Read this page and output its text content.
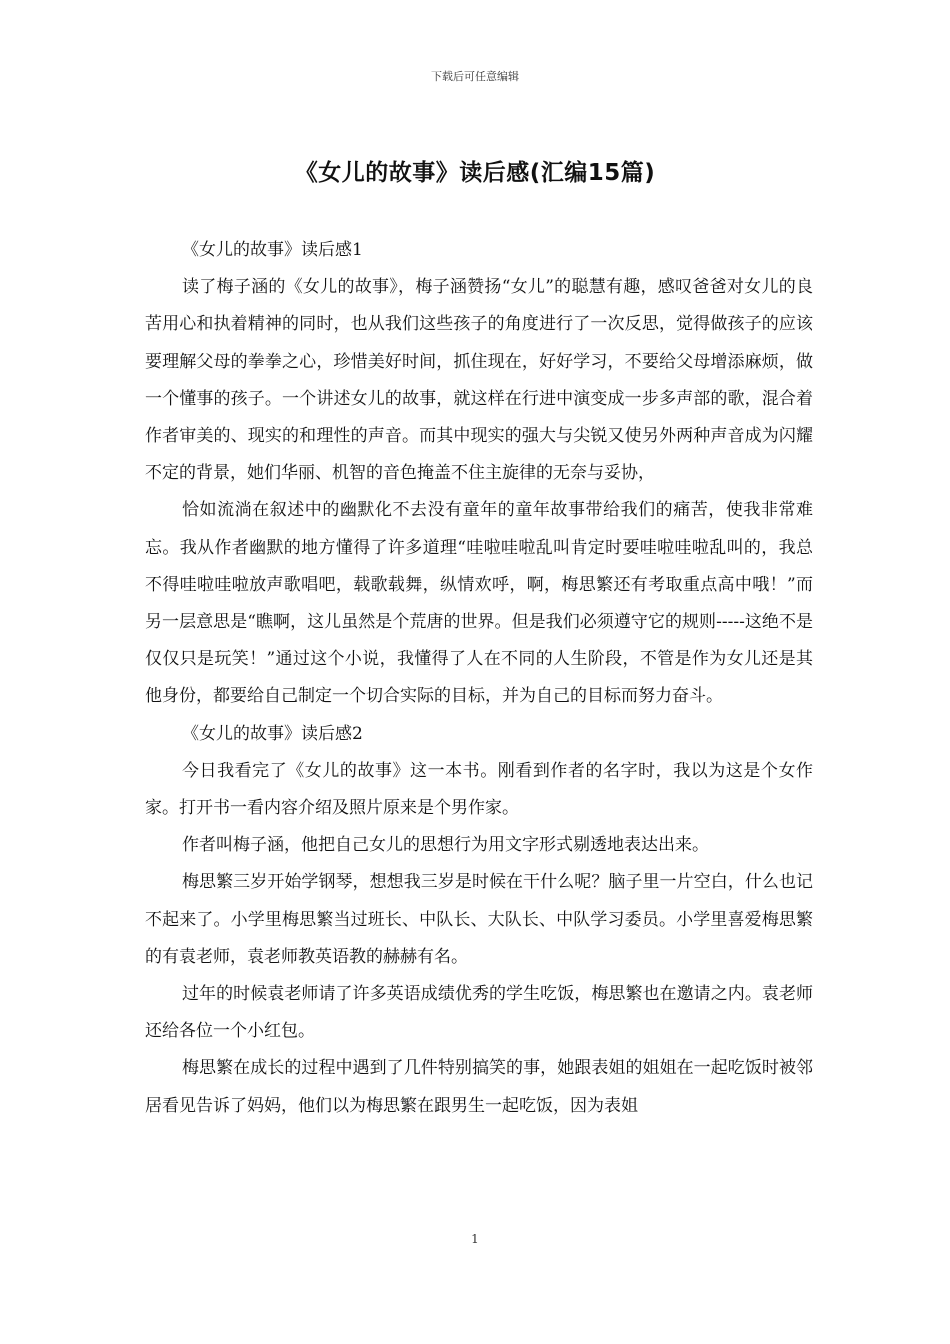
下载后可任意编辑
《女儿的故事》读后感(汇编15篇)

《女儿的故事》读后感1

读了梅子涵的《女儿的故事》，梅子涵赞扬“女儿”的聪慧有趣，感叹爸爸对女儿的良苦用心和执着精神的同时，也从我们这些孩子的角度进行了一次反思，觉得做孩子的应该要理解父母的拳拳之心，珍惜美好时间，抓住现在，好好学习，不要给父母增添麻烦，做一个懂事的孩子。一个讲述女儿的故事，就这样在行进中演变成一步多声部的歌，混合着作者审美的、现实的和理性的声音。而其中现实的强大与尖锐又使另外两种声音成为闪耀不定的背景，她们华丽、机智的音色掩盖不住主旋律的无奈与妥协，

恰如流淌在叙述中的幽默化不去没有童年的童年故事带给我们的痛苦，使我非常难忘。我从作者幽默的地方懂得了许多道理“哇啦哇啦乱叫肯定时要哇啦哇啦乱叫的，我总不得哇啦哇啦放声歌唱吧，载歌载舞，纵情欢呼，啊，梅思繁还有考取重点高中哦！”而另一层意思是“瞧啊，这儿虽然是个荒唐的世界。但是我们必须遵守它的规则-----这绝不是仅仅只是玩笑！”通过这个小说，我懂得了人在不同的人生阶段，不管是作为女儿还是其他身份，都要给自己制定一个切合实际的目标，并为自己的目标而努力奋斗。

《女儿的故事》读后感2

今日我看完了《女儿的故事》这一本书。刚看到作者的名字时，我以为这是个女作家。打开书一看内容介绍及照片原来是个男作家。

作者叫梅子涵，他把自己女儿的思想行为用文字形式剔透地表达出来。

梅思繁三岁开始学钢琴，想想我三岁是时候在干什么呢？脑子里一片空白，什么也记不起来了。小学里梅思繁当过班长、中队长、大队长、中队学习委员。小学里喜爱梅思繁的有袁老师，袁老师教英语教的赫赫有名。

过年的时候袁老师请了许多英语成绩优秀的学生吃饭，梅思繁也在邀请之内。袁老师还给各位一个小红包。

梅思繁在成长的过程中遇到了几件特别搞笑的事，她跟表姐的姐姐在一起吃饭时被邻居看见告诉了妈妈，他们以为梅思繁在跟男生一起吃饭，因为表姐

1
